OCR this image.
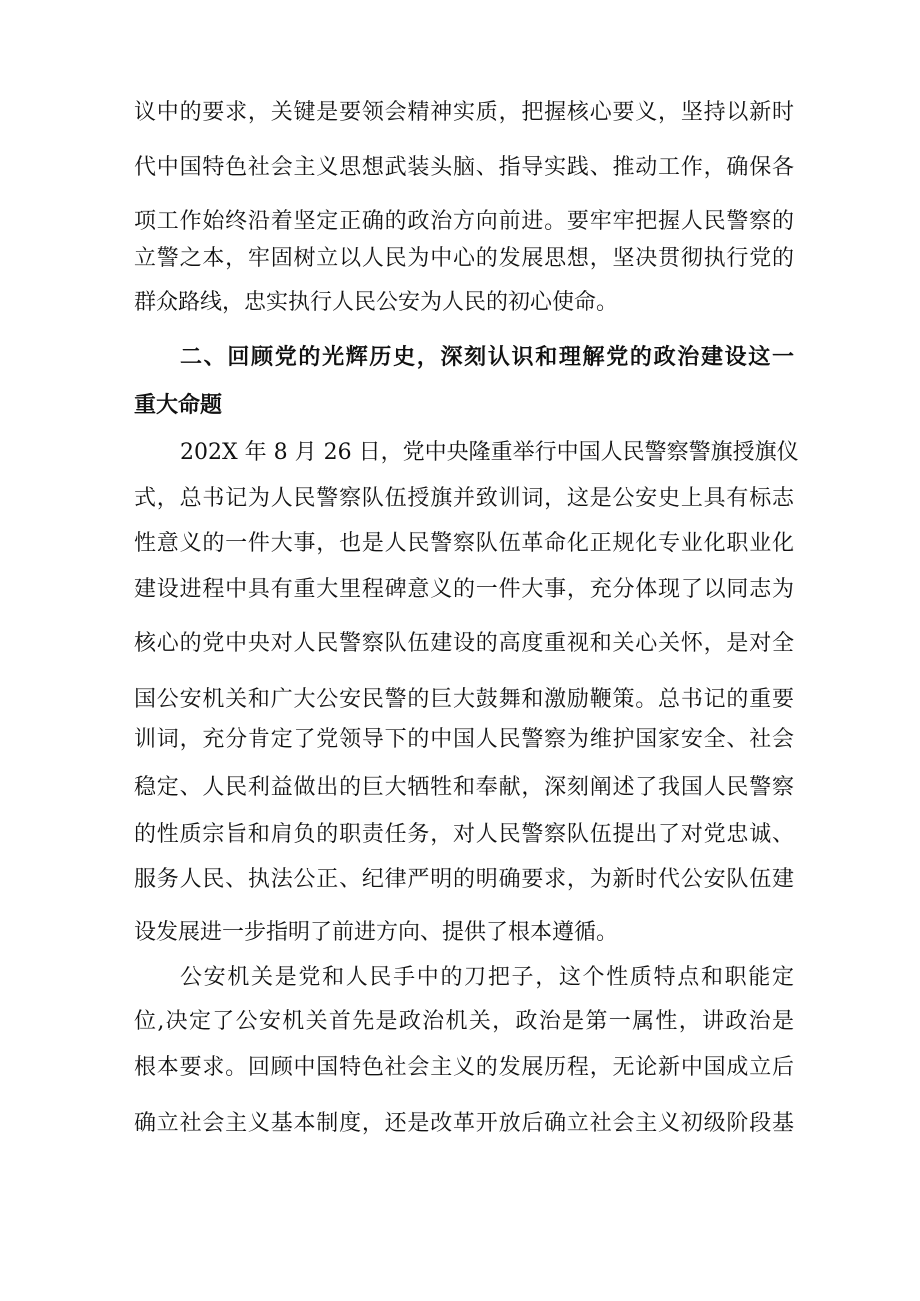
议中的要求，关键是要领会精神实质，把握核心要义，坚持以新时
代中国特色社会主义思想武装头脑、指导实践、推动工作，确保各
项工作始终沿着坚定正确的政治方向前进。要牢牢把握人民警察的
立警之本，牢固树立以人民为中心的发展思想，坚决贯彻执行党的
群众路线，忠实执行人民公安为人民的初心使命。
二、回顾党的光辉历史，深刻认识和理解党的政治建设这一
重大命题
202X 年 8 月 26 日，党中央隆重举行中国人民警察警旗授旗仪
式，总书记为人民警察队伍授旗并致训词，这是公安史上具有标志
性意义的一件大事，也是人民警察队伍革命化正规化专业化职业化
建设进程中具有重大里程碑意义的一件大事，充分体现了以同志为
核心的党中央对人民警察队伍建设的高度重视和关心关怀，是对全
国公安机关和广大公安民警的巨大鼓舞和激励鞭策。总书记的重要
训词，充分肯定了党领导下的中国人民警察为维护国家安全、社会
稳定、人民利益做出的巨大牺牲和奉献，深刻阐述了我国人民警察
的性质宗旨和肩负的职责任务，对人民警察队伍提出了对党忠诚、
服务人民、执法公正、纪律严明的明确要求，为新时代公安队伍建
设发展进一步指明了前进方向、提供了根本遵循。
公安机关是党和人民手中的刀把子，这个性质特点和职能定
位,决定了公安机关首先是政治机关，政治是第一属性，讲政治是
根本要求。回顾中国特色社会主义的发展历程，无论新中国成立后
确立社会主义基本制度，还是改革开放后确立社会主义初级阶段基
